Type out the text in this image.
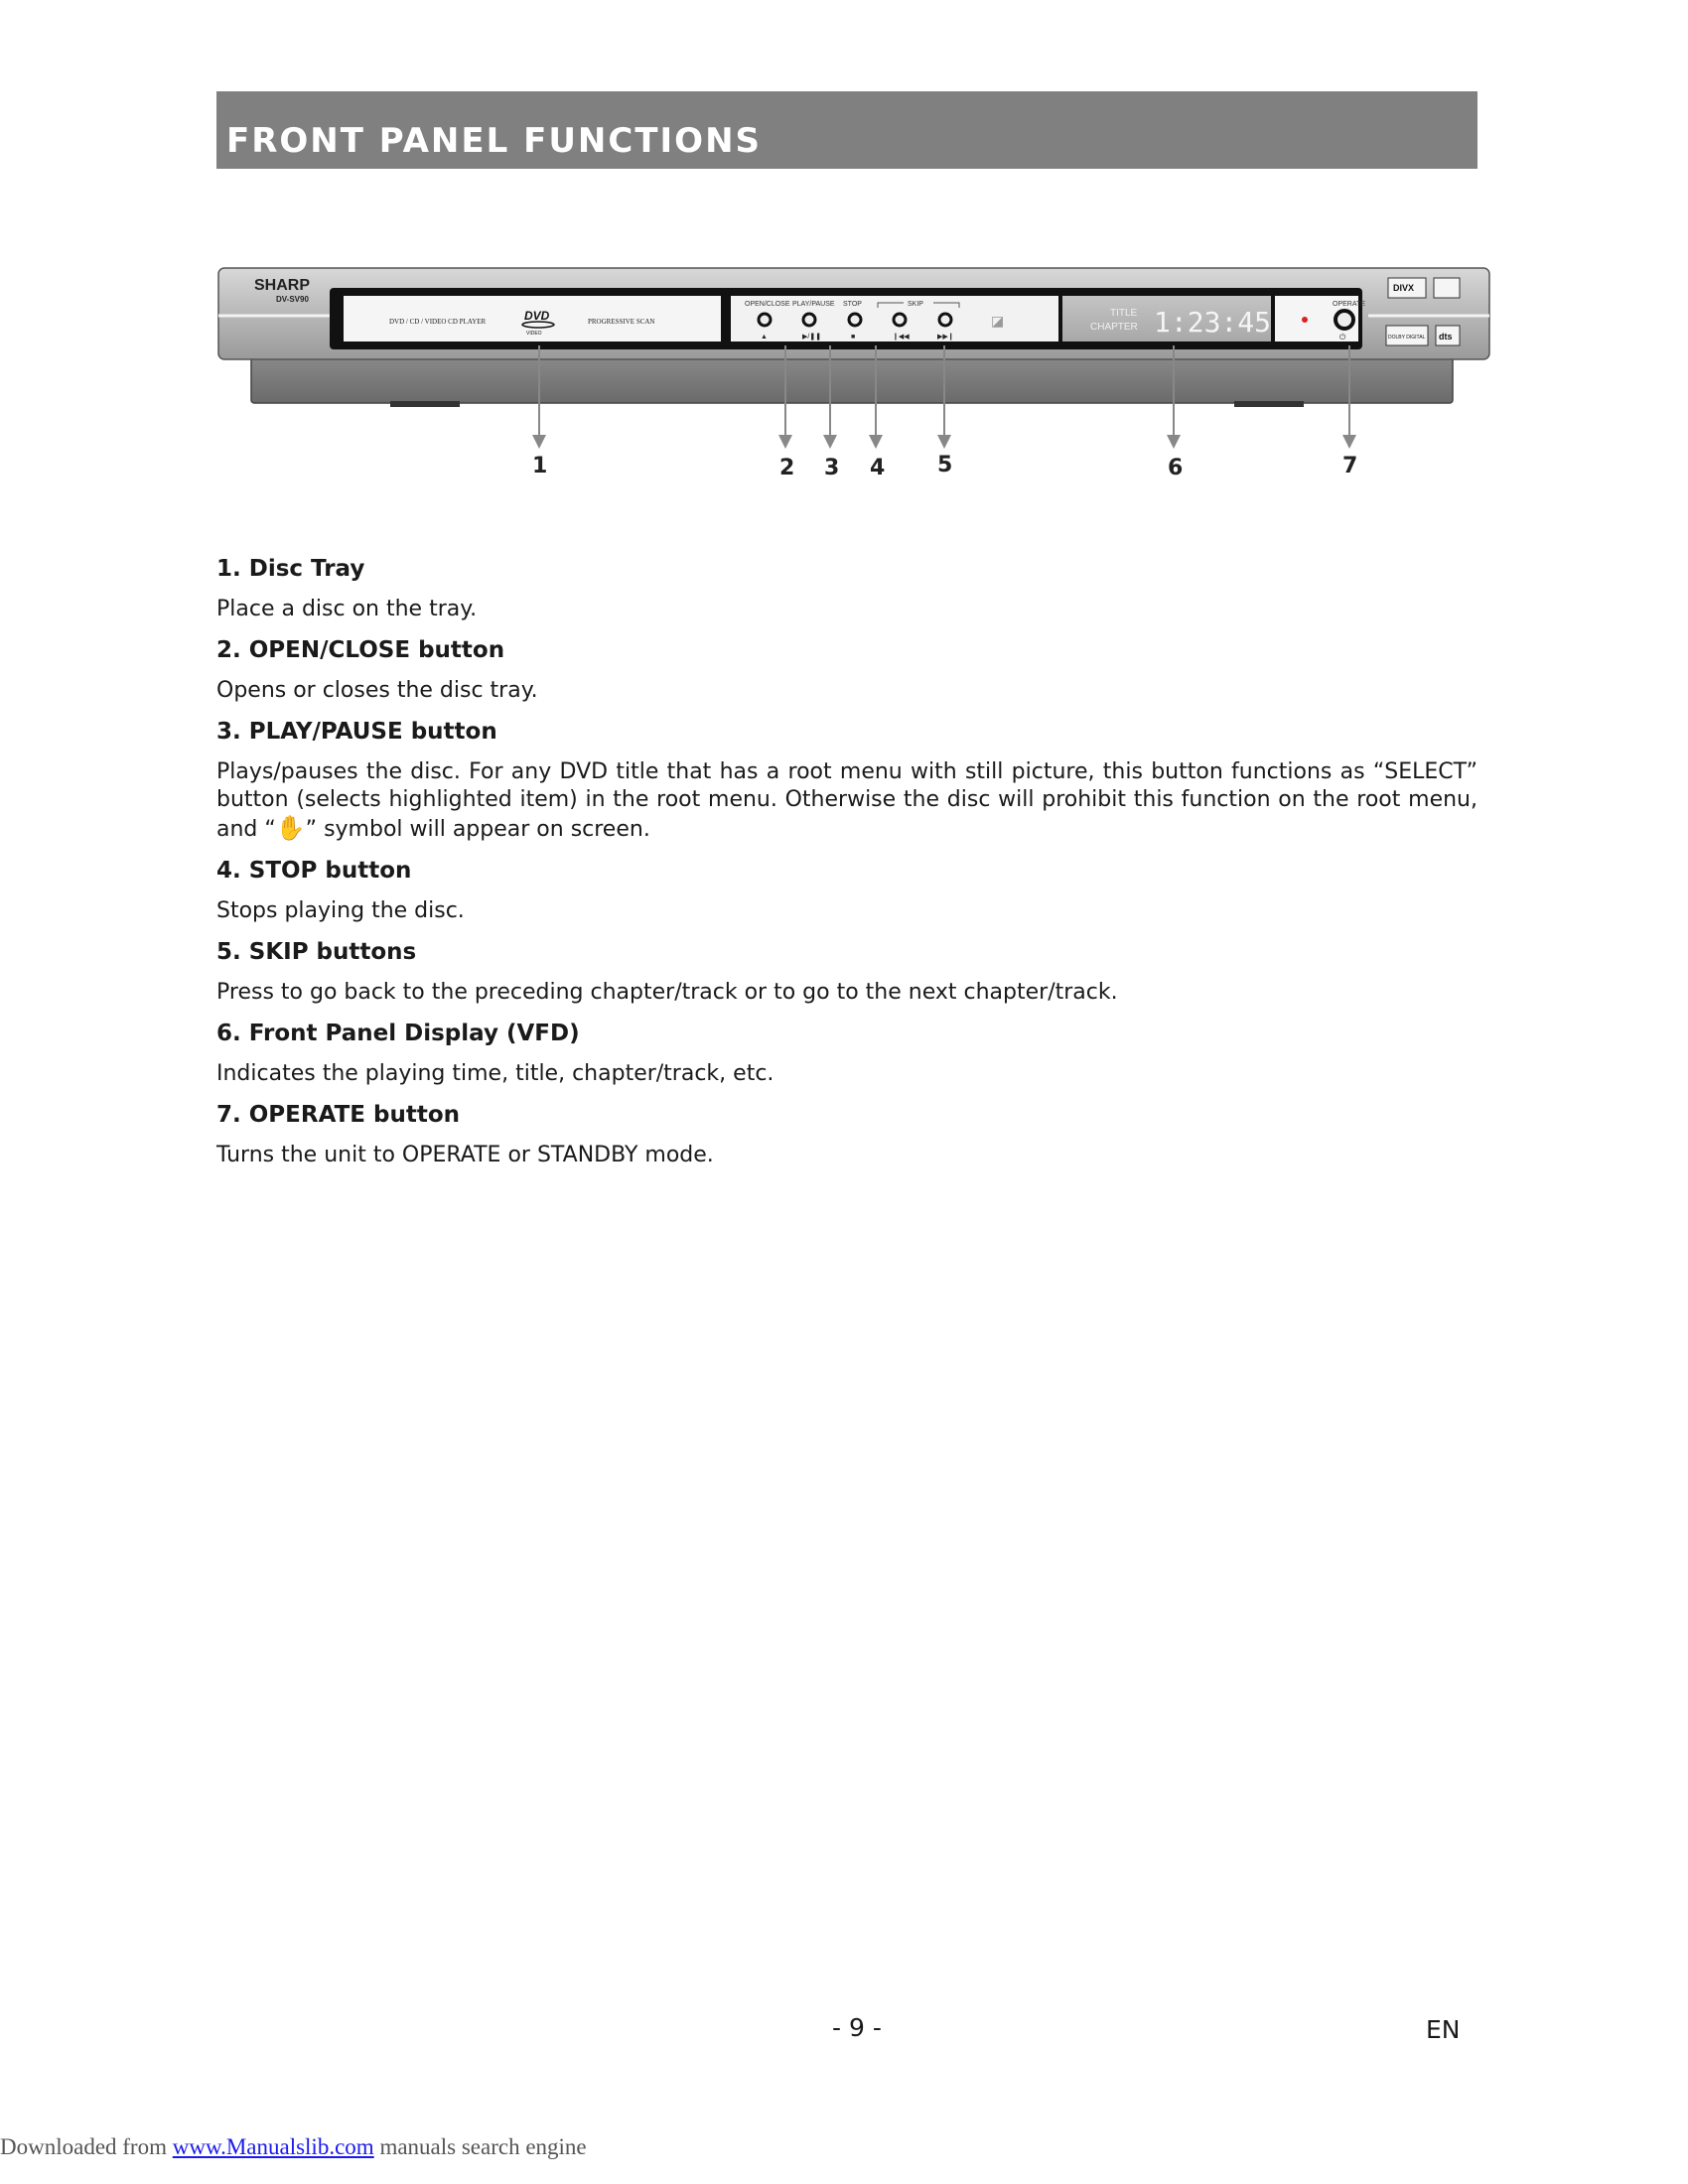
FRONT PANEL FUNCTIONS
SHARP
DV-SV90
DVD / CD / VIDEO CD PLAYER	DVD
VIDEO
PROGRESSIVE SCAN
OPEN/CLOSE PLAY/PAUSE STOP	SKIP
▲	▶/❚❚	■	❙◀◀	▶▶❙
◪	TITLE
CHAPTER 1:23:45
OPERATE
⏻
DIVX
DOLBY DIGITAL dts
1	2 3 4 5	6	7
1. Disc Tray

Place a disc on the tray.

2. OPEN/CLOSE button

Opens or closes the disc tray.

3. PLAY/PAUSE button

Plays/pauses the disc. For any DVD title that has a root menu with still picture, this button functions as “SELECT” button (selects highlighted item) in the root menu. Otherwise the disc will prohibit this function on the root menu, and “✋” symbol will appear on screen.

4. STOP button

Stops playing the disc.

5. SKIP buttons

Press to go back to the preceding chapter/track or to go to the next chapter/track.

6. Front Panel Display (VFD)

Indicates the playing time, title, chapter/track, etc.

7. OPERATE button

Turns the unit to OPERATE or STANDBY mode.

- 9 -	EN
Downloaded from www.Manualslib.com manuals search engine
